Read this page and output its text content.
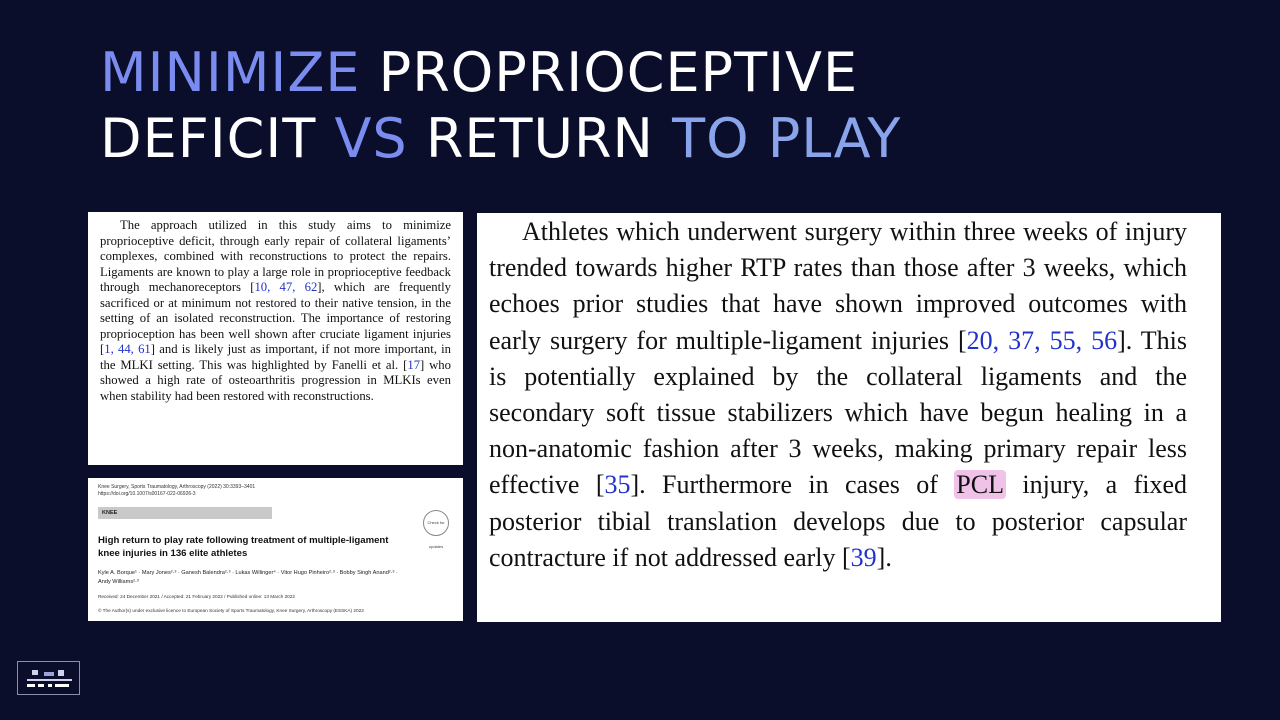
MINIMIZE PROPRIOCEPTIVE
DEFICIT VS RETURN TO PLAY

The approach utilized in this study aims to minimize proprioceptive deficit, through early repair of collateral ligaments’ complexes, combined with reconstructions to protect the repairs. Ligaments are known to play a large role in proprioceptive feedback through mechanoreceptors [10, 47, 62], which are frequently sacrificed or at minimum not restored to their native tension, in the setting of an isolated reconstruction. The importance of restoring proprioception has been well shown after cruciate ligament injuries [1, 44, 61] and is likely just as important, if not more important, in the MLKI setting. This was highlighted by Fanelli et al. [17] who showed a high rate of osteoarthritis progression in MLKIs even when stability had been restored with reconstructions.

Knee Surgery, Sports Traumatology, Arthroscopy (2022) 30:3393–3401
https://doi.org/10.1007/s00167-022-06926-3
KNEE
Check for updates
High return to play rate following treatment of multiple-ligament knee injuries in 136 elite athletes
Kyle A. Borque¹ · Mary Jones²·³ · Ganesh Balendra²·³ · Lukas Willinger⁴ · Vitor Hugo Pinheiro²·³ · Bobby Singh Anand²·³ · Andy Williams²·³
Received: 24 December 2021 / Accepted: 21 February 2022 / Published online: 13 March 2022
© The Author(s) under exclusive licence to European Society of Sports Traumatology, Knee Surgery, Arthroscopy (ESSKA) 2022

Athletes which underwent surgery within three weeks of injury trended towards higher RTP rates than those after 3 weeks, which echoes prior studies that have shown improved outcomes with early surgery for multiple-ligament injuries [20, 37, 55, 56]. This is potentially explained by the collateral ligaments and the secondary soft tissue stabilizers which have begun healing in a non-anatomic fashion after 3 weeks, making primary repair less effective [35]. Furthermore in cases of PCL injury, a fixed posterior tibial translation develops due to posterior capsular contracture if not addressed early [39].
